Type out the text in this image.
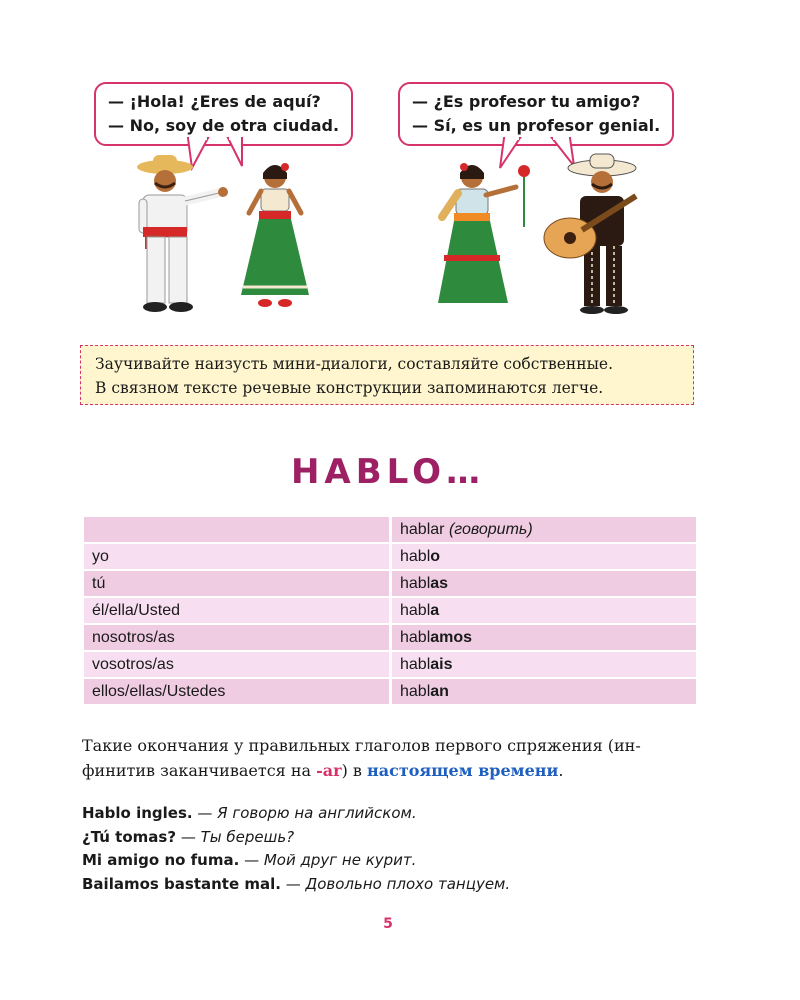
— ¡Hola! ¿Eres de aquí?
— No, soy de otra ciudad.
— ¿Es profesor tu amigo?
— Sí, es un profesor genial.
Заучивайте наизусть мини-диалоги, составляйте собственные.
В связном тексте речевые конструкции запоминаются легче.
HABLO…
	hablar (говорить)
yo	hablo
tú	hablas
él/ella/Usted	habla
nosotros/as	hablamos
vosotros/as	hablais
ellos/ellas/Ustedes	hablan
Такие окончания у правильных глаголов первого спряжения (ин-
финитив заканчивается на -ar) в настоящем времени.
Hablo ingles. — Я говорю на английском.
¿Tú tomas? — Ты берешь?
Mi amigo no fuma. — Мой друг не курит.
Bailamos bastante mal. — Довольно плохо танцуем.
5
